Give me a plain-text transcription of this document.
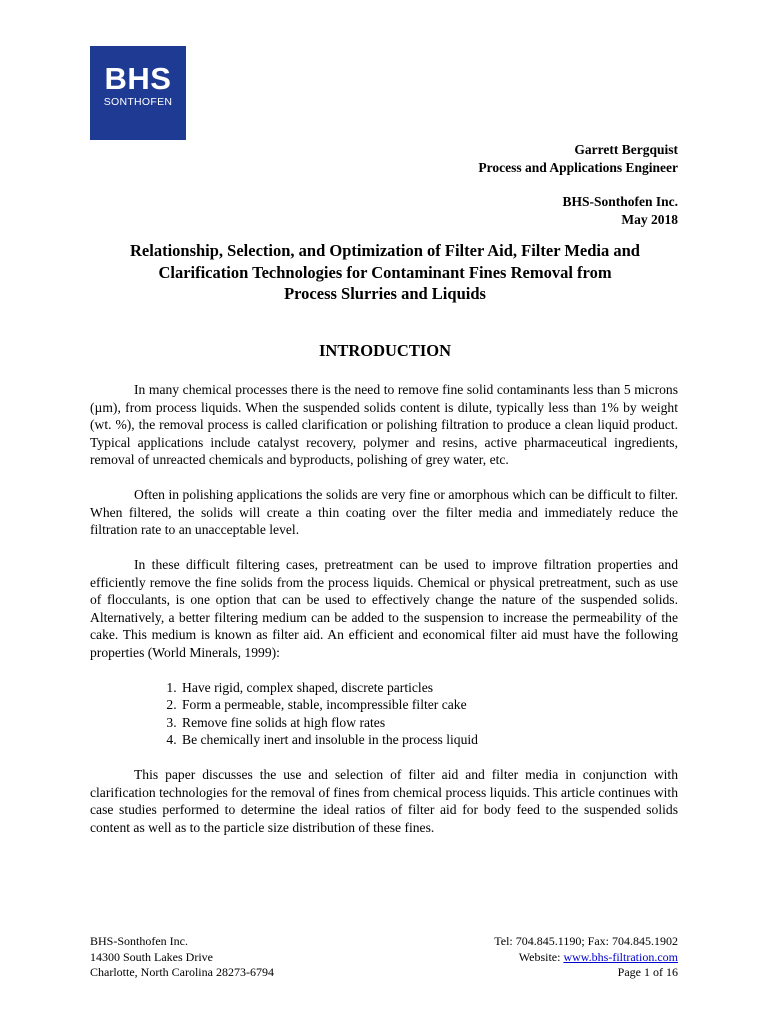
BHS
SONTHOFEN
Garrett Bergquist
Process and Applications Engineer
BHS-Sonthofen Inc.
May 2018
Relationship, Selection, and Optimization of Filter Aid, Filter Media and
Clarification Technologies for Contaminant Fines Removal from
Process Slurries and Liquids
INTRODUCTION

In many chemical processes there is the need to remove fine solid contaminants less than 5 microns (µm), from process liquids. When the suspended solids content is dilute, typically less than 1% by weight (wt. %), the removal process is called clarification or polishing filtration to produce a clean liquid product. Typical applications include catalyst recovery, polymer and resins, active pharmaceutical ingredients, removal of unreacted chemicals and byproducts, polishing of grey water, etc.

Often in polishing applications the solids are very fine or amorphous which can be difficult to filter. When filtered, the solids will create a thin coating over the filter media and immediately reduce the filtration rate to an unacceptable level.

In these difficult filtering cases, pretreatment can be used to improve filtration properties and efficiently remove the fine solids from the process liquids. Chemical or physical pretreatment, such as use of flocculants, is one option that can be used to effectively change the nature of the suspended solids. Alternatively, a better filtering medium can be added to the suspension to increase the permeability of the cake. This medium is known as filter aid. An efficient and economical filter aid must have the following properties (World Minerals, 1999):

1. Have rigid, complex shaped, discrete particles
2. Form a permeable, stable, incompressible filter cake
3. Remove fine solids at high flow rates
4. Be chemically inert and insoluble in the process liquid

This paper discusses the use and selection of filter aid and filter media in conjunction with clarification technologies for the removal of fines from chemical process liquids. This article continues with case studies performed to determine the ideal ratios of filter aid for body feed to the suspended solids content as well as to the particle size distribution of these fines.

BHS-Sonthofen Inc.
14300 South Lakes Drive
Charlotte, North Carolina 28273-6794
Tel: 704.845.1190; Fax: 704.845.1902
Website: www.bhs-filtration.com
Page 1 of 16
